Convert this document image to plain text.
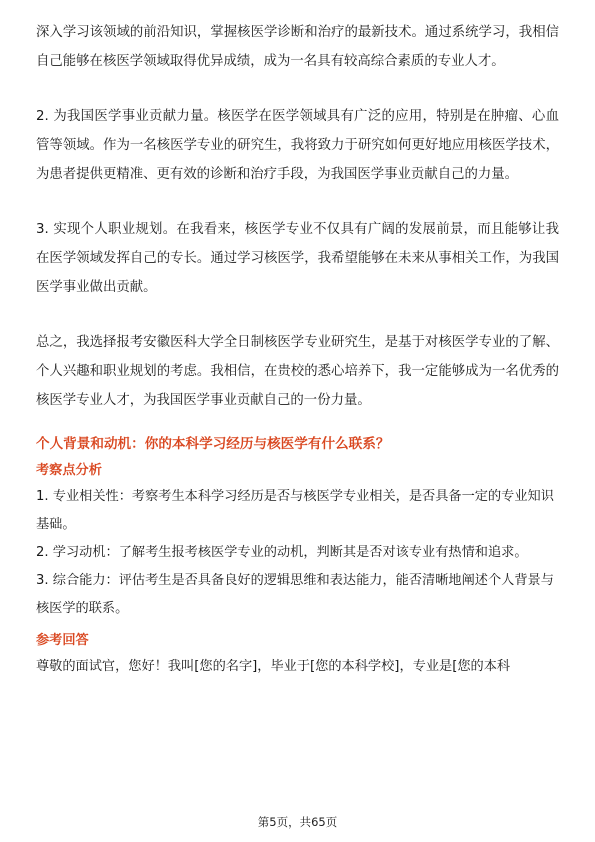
深入学习该领域的前沿知识，掌握核医学诊断和治疗的最新技术。通过系统学习，我相信自己能够在核医学领域取得优异成绩，成为一名具有较高综合素质的专业人才。

2. 为我国医学事业贡献力量。核医学在医学领域具有广泛的应用，特别是在肿瘤、心血管等领域。作为一名核医学专业的研究生，我将致力于研究如何更好地应用核医学技术，为患者提供更精准、更有效的诊断和治疗手段，为我国医学事业贡献自己的力量。

3. 实现个人职业规划。在我看来，核医学专业不仅具有广阔的发展前景，而且能够让我在医学领域发挥自己的专长。通过学习核医学，我希望能够在未来从事相关工作，为我国医学事业做出贡献。

总之，我选择报考安徽医科大学全日制核医学专业研究生，是基于对核医学专业的了解、个人兴趣和职业规划的考虑。我相信，在贵校的悉心培养下，我一定能够成为一名优秀的核医学专业人才，为我国医学事业贡献自己的一份力量。

个人背景和动机：你的本科学习经历与核医学有什么联系？

考察点分析

1. 专业相关性：考察考生本科学习经历是否与核医学专业相关，是否具备一定的专业知识基础。

2. 学习动机：了解考生报考核医学专业的动机，判断其是否对该专业有热情和追求。

3. 综合能力：评估考生是否具备良好的逻辑思维和表达能力，能否清晰地阐述个人背景与核医学的联系。

参考回答

尊敬的面试官，您好！我叫[您的名字]，毕业于[您的本科学校]，专业是[您的本科

第5页，共65页
